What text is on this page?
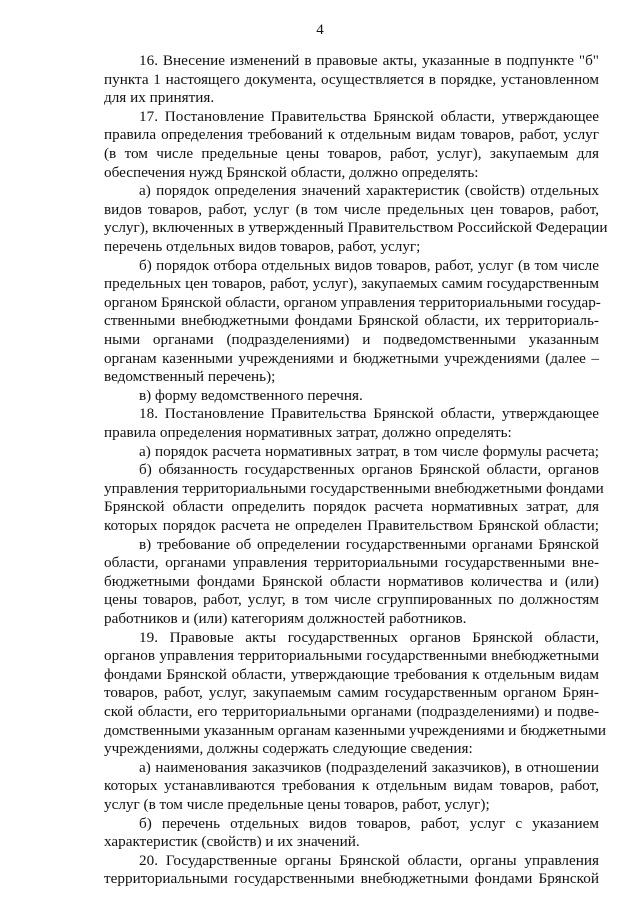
4
16. Внесение изменений в правовые акты, указанные в подпункте "б"
пункта 1 настоящего документа, осуществляется в порядке, установленном
для их принятия.
17. Постановление Правительства Брянской области, утверждающее
правила определения требований к отдельным видам товаров, работ, услуг
(в том числе предельные цены товаров, работ, услуг), закупаемым для
обеспечения нужд Брянской области, должно определять:
а) порядок определения значений характеристик (свойств) отдельных
видов товаров, работ, услуг (в том числе предельных цен товаров, работ,
услуг), включенных в утвержденный Правительством Российской Федерации
перечень отдельных видов товаров, работ, услуг;
б) порядок отбора отдельных видов товаров, работ, услуг (в том числе
предельных цен товаров, работ, услуг), закупаемых самим государственным
органом Брянской области, органом управления территориальными государ-
ственными внебюджетными фондами Брянской области, их территориаль-
ными органами (подразделениями) и подведомственными указанным
органам казенными учреждениями и бюджетными учреждениями (далее –
ведомственный перечень);
в) форму ведомственного перечня.
18. Постановление Правительства Брянской области, утверждающее
правила определения нормативных затрат, должно определять:
а) порядок расчета нормативных затрат, в том числе формулы расчета;
б) обязанность государственных органов Брянской области, органов
управления территориальными государственными внебюджетными фондами
Брянской области определить порядок расчета нормативных затрат, для
которых порядок расчета не определен Правительством Брянской области;
в) требование об определении государственными органами Брянской
области, органами управления территориальными государственными вне-
бюджетными фондами Брянской области нормативов количества и (или)
цены товаров, работ, услуг, в том числе сгруппированных по должностям
работников и (или) категориям должностей работников.
19. Правовые акты государственных органов Брянской области,
органов управления территориальными государственными внебюджетными
фондами Брянской области, утверждающие требования к отдельным видам
товаров, работ, услуг, закупаемым самим государственным органом Брян-
ской области, его территориальными органами (подразделениями) и подве-
домственными указанным органам казенными учреждениями и бюджетными
учреждениями, должны содержать следующие сведения:
а) наименования заказчиков (подразделений заказчиков), в отношении
которых устанавливаются требования к отдельным видам товаров, работ,
услуг (в том числе предельные цены товаров, работ, услуг);
б) перечень отдельных видов товаров, работ, услуг с указанием
характеристик (свойств) и их значений.
20. Государственные органы Брянской области, органы управления
территориальными государственными внебюджетными фондами Брянской
